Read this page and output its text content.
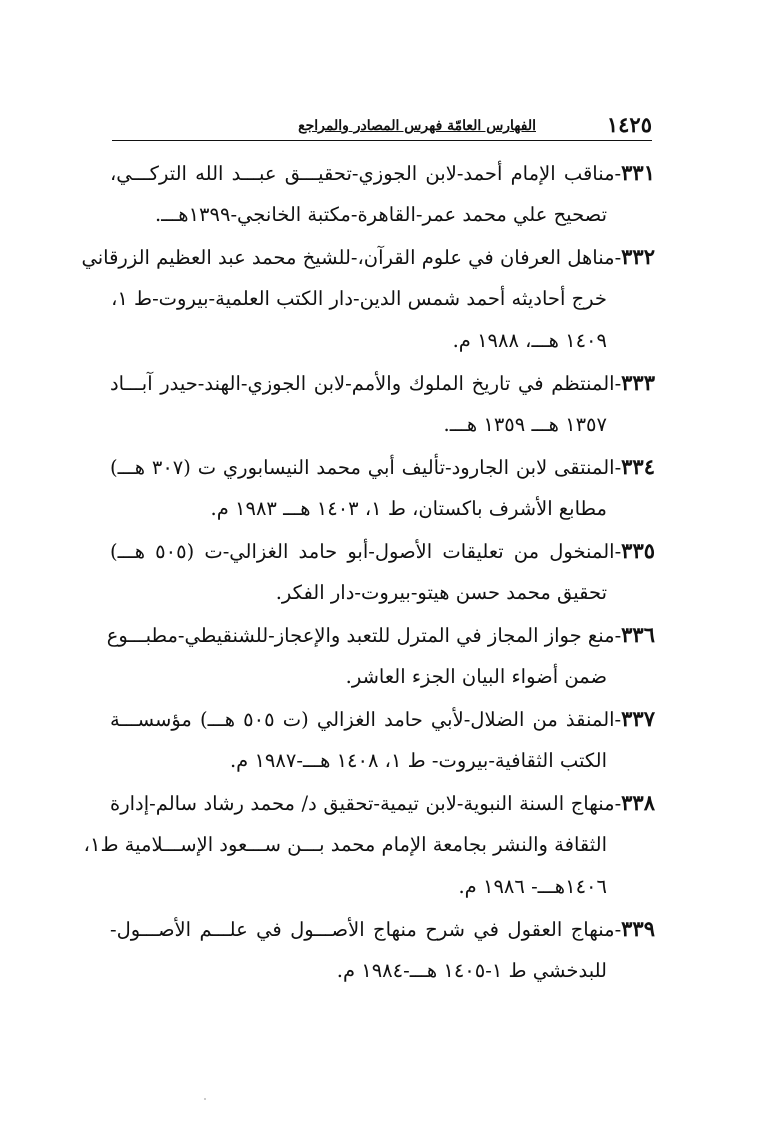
١٤٢٥
الفهارس العامّة فهرس المصادر والمراجع
٣٣١-مناقب الإمام أحمد-لابن الجوزي-تحقيـــق عبـــد الله التركـــي،
تصحيح علي محمد عمر-القاهرة-مكتبة الخانجي-١٣٩٩هـــ.
٣٣٢-مناهل العرفان في علوم القرآن،-للشيخ محمد عبد العظيم الزرقاني
خرج أحاديثه أحمد شمس الدين-دار الكتب العلمية-بيروت-ط ١،
١٤٠٩ هـــ، ١٩٨٨ م.
٣٣٣-المنتظم في تاريخ الملوك والأمم-لابن الجوزي-الهند-حيدر آبـــاد
١٣٥٧ هـــ ١٣٥٩ هـــ.
٣٣٤-المنتقى لابن الجارود-تأليف أبي محمد النيسابوري ت (٣٠٧ هـــ)
مطابع الأشرف باكستان، ط ١، ١٤٠٣ هـــ ١٩٨٣ م.
٣٣٥-المنخول من تعليقات الأصول-أبو حامد الغزالي-ت (٥٠٥ هـــ)
تحقيق محمد حسن هيتو-بيروت-دار الفكر.
٣٣٦-منع جواز المجاز في المترل للتعبد والإعجاز-للشنقيطي-مطبـــوع
ضمن أضواء البيان الجزء العاشر.
٣٣٧-المنقذ من الضلال-لأبي حامد الغزالي (ت ٥٠٥ هـــ) مؤسســـة
الكتب الثقافية-بيروت- ط ١، ١٤٠٨ هـــ-١٩٨٧ م.
٣٣٨-منهاج السنة النبوية-لابن تيمية-تحقيق د/ محمد رشاد سالم-إدارة
الثقافة والنشر بجامعة الإمام محمد بـــن ســـعود الإســـلامية ط١،
١٤٠٦هـــ- ١٩٨٦ م.
٣٣٩-منهاج العقول في شرح منهاج الأصـــول في علـــم الأصـــول-
للبدخشي ط ١-١٤٠٥ هـــ-١٩٨٤ م.
